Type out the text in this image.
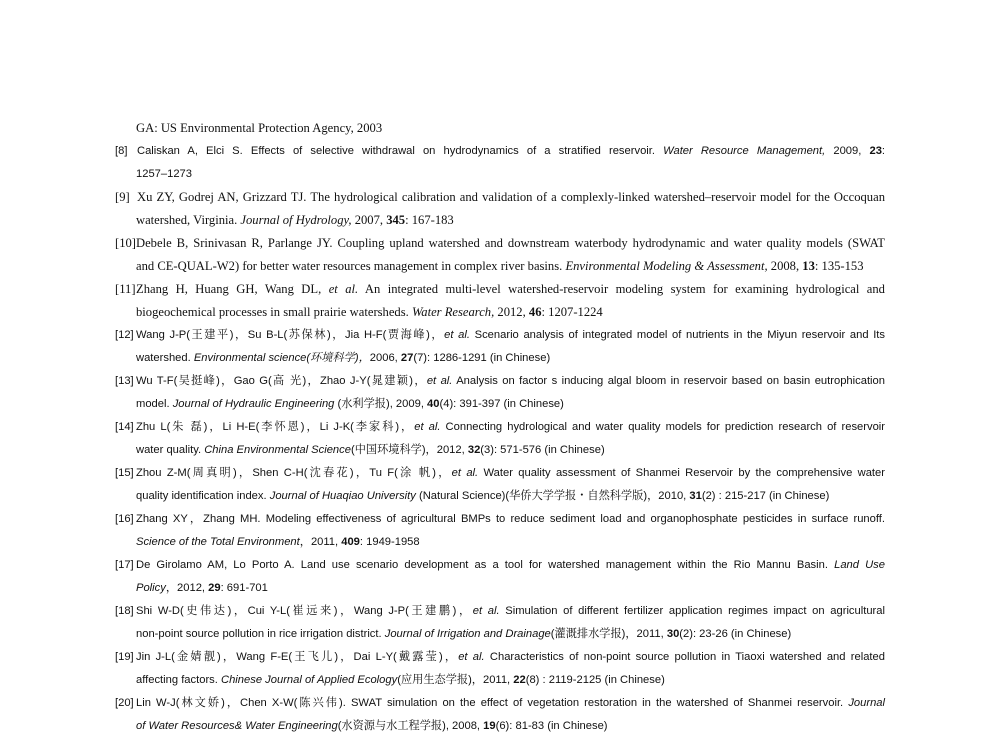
GA: US Environmental Protection Agency, 2003
[8] Caliskan A, Elci S. Effects of selective withdrawal on hydrodynamics of a stratified reservoir. Water Resource Management, 2009, 23:
1257–1273
[9] Xu ZY, Godrej AN, Grizzard TJ. The hydrological calibration and validation of a complexly-linked watershed–reservoir model for the Occoquan
watershed, Virginia. Journal of Hydrology, 2007, 345: 167-183
[10]Debele B, Srinivasan R, Parlange JY. Coupling upland watershed and downstream waterbody hydrodynamic and water quality models (SWAT
and CE-QUAL-W2) for better water resources management in complex river basins. Environmental Modeling & Assessment, 2008, 13: 135-153
[11]Zhang H, Huang GH, Wang DL, et al. An integrated multi-level watershed-reservoir modeling system for examining hydrological and
biogeochemical processes in small prairie watersheds. Water Research, 2012, 46: 1207-1224
[12] Wang J-P(王建平)，Su B-L(苏保林)，Jia H-F(贾海峰)，et al. Scenario analysis of integrated model of nutrients in the Miyun reservoir and Its
watershed. Environmental science(环境科学)，2006, 27(7): 1286-1291 (in Chinese)
[13] Wu T-F(吴挺峰)，Gao G(高 光)，Zhao J-Y(晁建颖)，et al. Analysis on factor s inducing algal bloom in reservoir based on basin eutrophication
model. Journal of Hydraulic Engineering (水利学报), 2009, 40(4): 391-397 (in Chinese)
[14] Zhu L(朱 磊)，Li H-E(李怀恩)，Li J-K(李家科)，et al. Connecting hydrological and water quality models for prediction research of reservoir
water quality. China Environmental Science(中国环境科学)，2012, 32(3): 571-576 (in Chinese)
[15] Zhou Z-M(周真明)，Shen C-H(沈春花)，Tu F(涂 帆)，et al. Water quality assessment of Shanmei Reservoir by the comprehensive water
quality identification index. Journal of Huaqiao University (Natural Science)(华侨大学学报・自然科学版)，2010, 31(2) : 215-217 (in Chinese)
[16] Zhang XY，Zhang MH. Modeling effectiveness of agricultural BMPs to reduce sediment load and organophosphate pesticides in surface runoff.
Science of the Total Environment，2011, 409: 1949-1958
[17] De Girolamo AM, Lo Porto A. Land use scenario development as a tool for watershed management within the Rio Mannu Basin. Land Use
Policy，2012, 29: 691-701
[18] Shi W-D(史伟达)，Cui Y-L(崔远来)，Wang J-P(王建鹏)，et al. Simulation of different fertilizer application regimes impact on agricultural
non-point source pollution in rice irrigation district. Journal of Irrigation and Drainage(灌溉排水学报)，2011, 30(2): 23-26 (in Chinese)
[19] Jin J-L(金婧靓)，Wang F-E(王飞儿)，Dai L-Y(戴露莹)，et al. Characteristics of non-point source pollution in Tiaoxi watershed and related
affecting factors. Chinese Journal of Applied Ecology(应用生态学报)，2011, 22(8) : 2119-2125 (in Chinese)
[20] Lin W-J(林文娇)，Chen X-W(陈兴伟). SWAT simulation on the effect of vegetation restoration in the watershed of Shanmei reservoir. Journal
of Water Resources& Water Engineering(水资源与水工程学报), 2008, 19(6): 81-83 (in Chinese)
